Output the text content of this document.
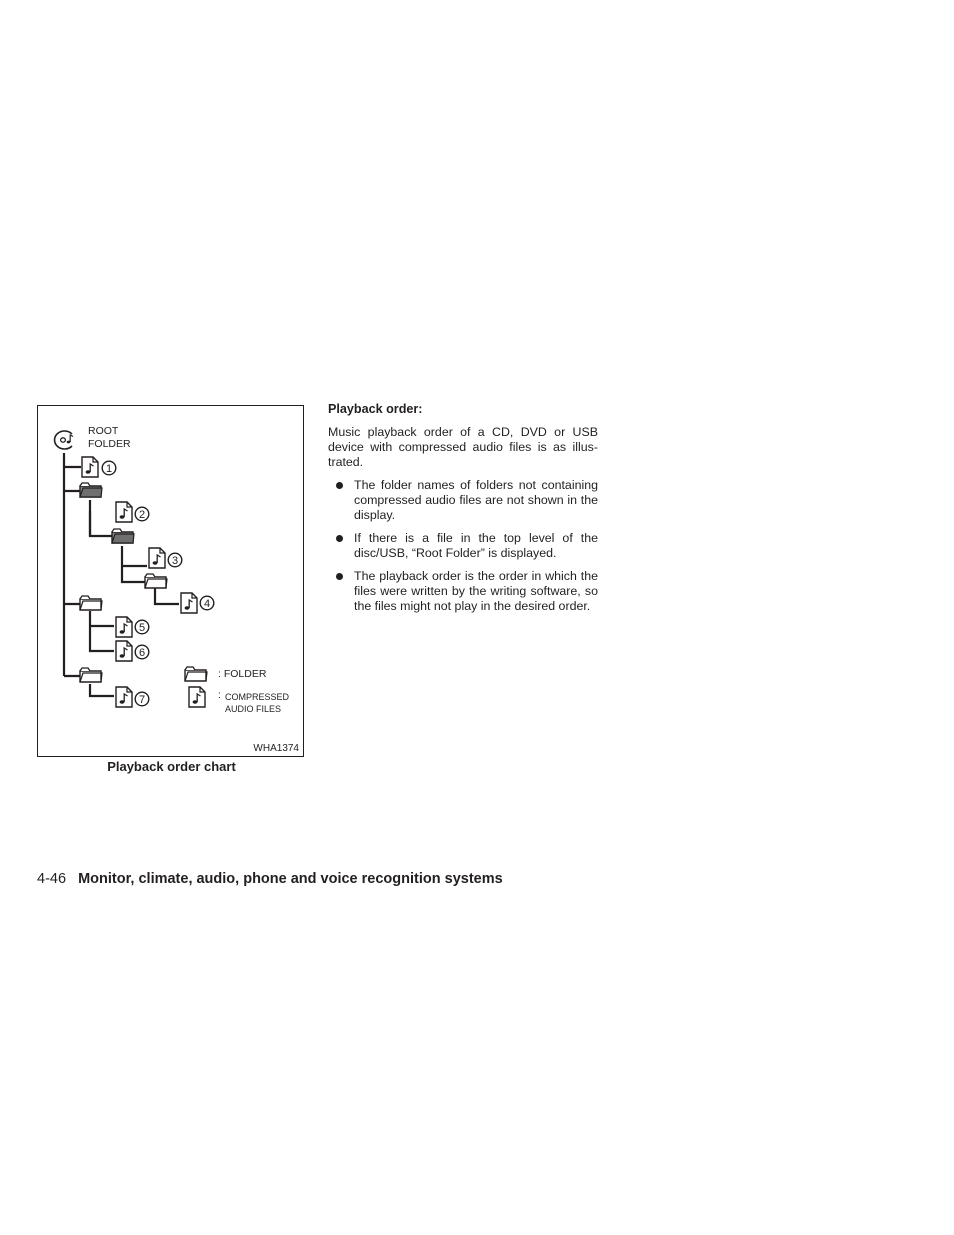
ROOT
FOLDER
1
2
3
4
5
6
7
: FOLDER
: COMPRESSED
AUDIO FILES
WHA1374
Playback order chart

Playback order:

Music playback order of a CD, DVD or USB device with compressed audio files is as illus-trated.

The folder names of folders not containing compressed audio files are not shown in the display.
If there is a file in the top level of the disc/USB, “Root Folder” is displayed.
The playback order is the order in which the files were written by the writing software, so the files might not play in the desired order.
4-46 Monitor, climate, audio, phone and voice recognition systems
